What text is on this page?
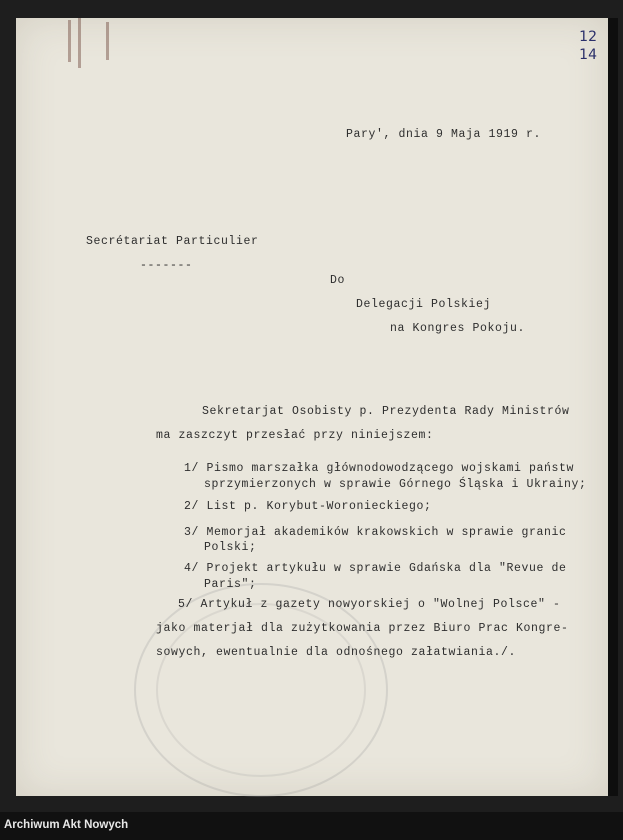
12
14
Pary', dnia 9 Maja 1919 r.
Secrétariat Particulier
-------
Do
Delegacji Polskiej
na Kongres Pokoju.
Sekretarjat Osobisty p. Prezydenta Rady Ministrów
ma zaszczyt przesłać przy niniejszem:
1/ Pismo marszałka głównodowodzącego wojskami państw
sprzymierzonych w sprawie Górnego Śląska i Ukrainy;
2/ List p. Korybut-Woronieckiego;
3/ Memorjał akademików krakowskich w sprawie granic
Polski;
4/ Projekt artykułu w sprawie Gdańska dla "Revue de
Paris";
5/ Artykuł z gazety nowyorskiej o "Wolnej Polsce" -
jako materjał dla zużytkowania przez Biuro Prac Kongre-
sowych, ewentualnie dla odnośnego załatwiania./.
Archiwum Akt Nowych
